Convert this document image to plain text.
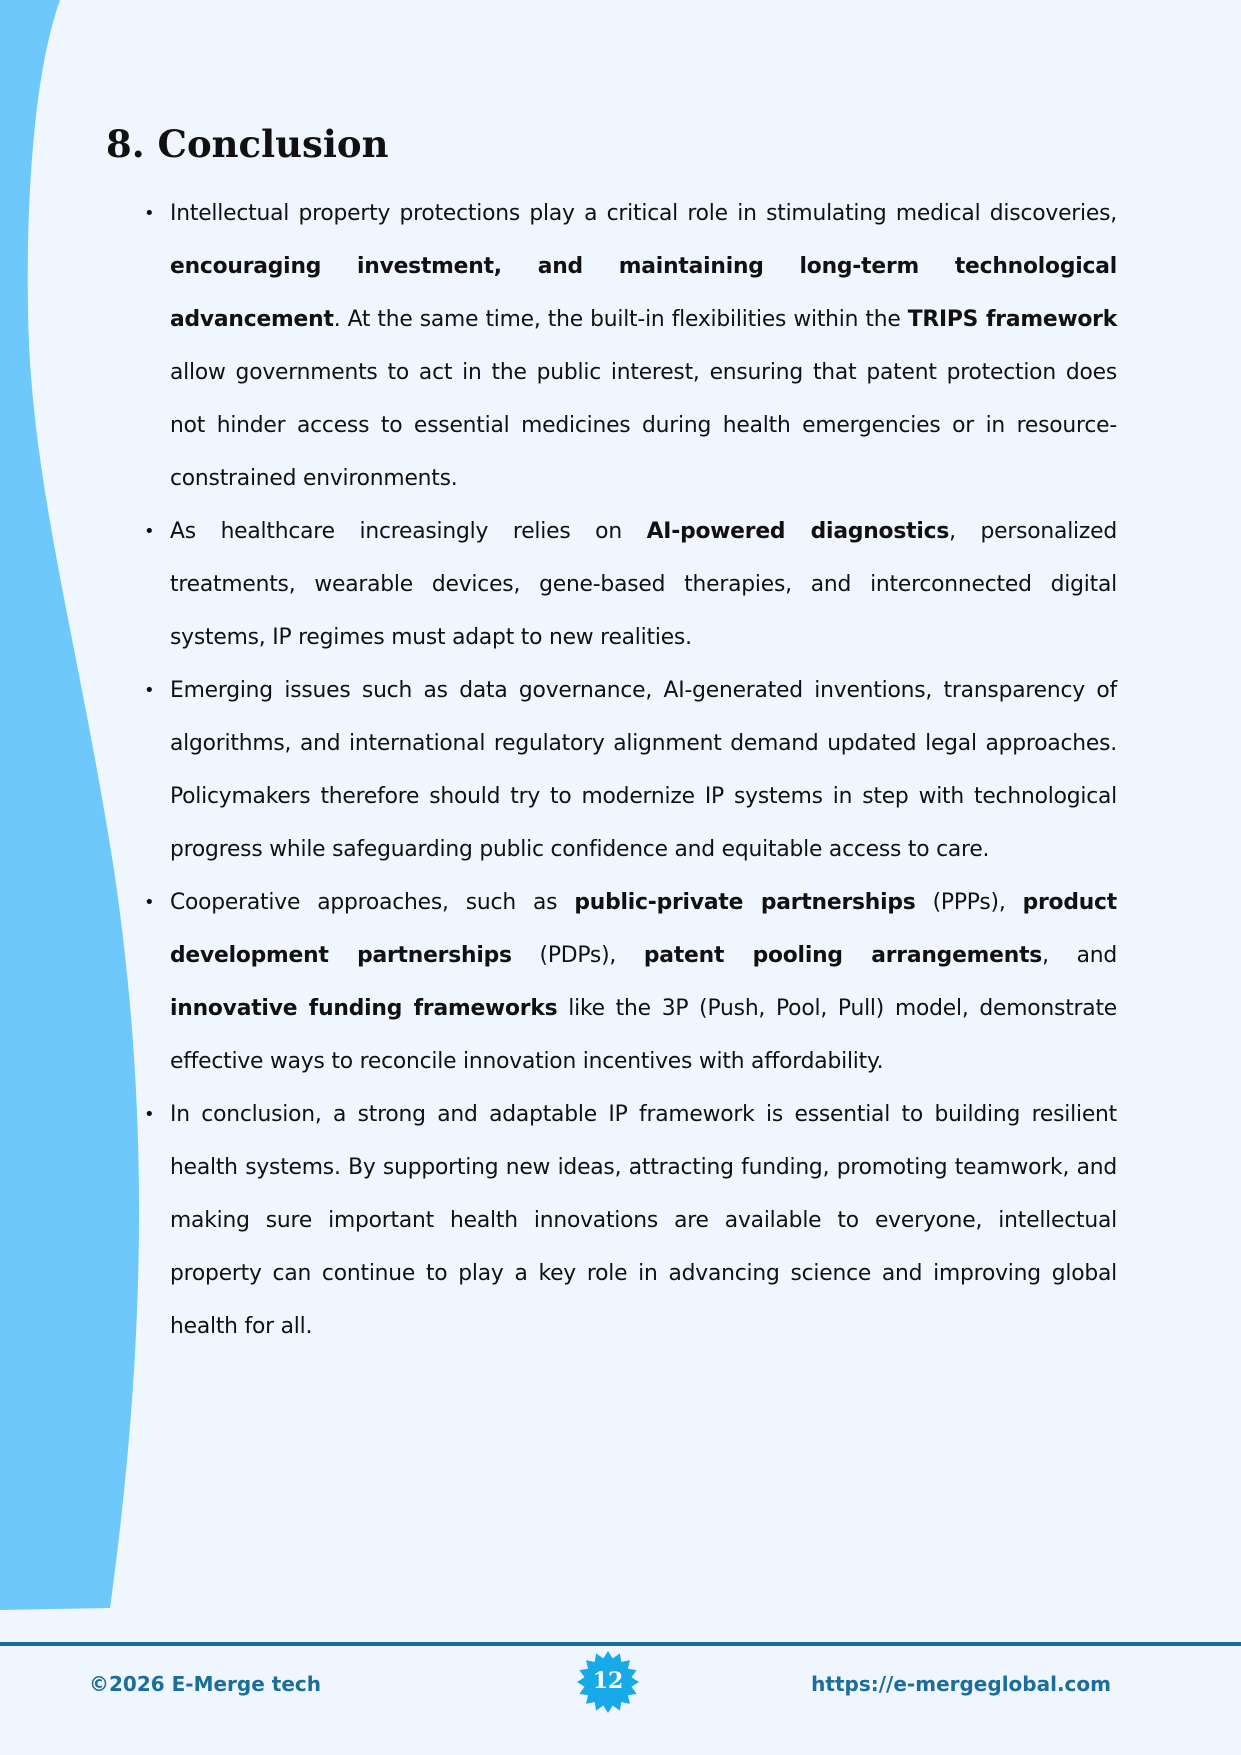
8. Conclusion
• Intellectual property protections play a critical role in stimulating medical discoveries, encouraging investment, and maintaining long-term technological advancement. At the same time, the built-in flexibilities within the TRIPS framework allow governments to act in the public interest, ensuring that patent protection does not hinder access to essential medicines during health emergencies or in resource-constrained environments.
• As healthcare increasingly relies on AI-powered diagnostics, personalized treatments, wearable devices, gene-based therapies, and interconnected digital systems, IP regimes must adapt to new realities.
• Emerging issues such as data governance, AI-generated inventions, transparency of algorithms, and international regulatory alignment demand updated legal approaches. Policymakers therefore should try to modernize IP systems in step with technological progress while safeguarding public confidence and equitable access to care.
• Cooperative approaches, such as public-private partnerships (PPPs), product development partnerships (PDPs), patent pooling arrangements, and innovative funding frameworks like the 3P (Push, Pool, Pull) model, demonstrate effective ways to reconcile innovation incentives with affordability.
• In conclusion, a strong and adaptable IP framework is essential to building resilient health systems. By supporting new ideas, attracting funding, promoting teamwork, and making sure important health innovations are available to everyone, intellectual property can continue to play a key role in advancing science and improving global health for all.
©2026 E-Merge tech	12	https://e-mergeglobal.com
